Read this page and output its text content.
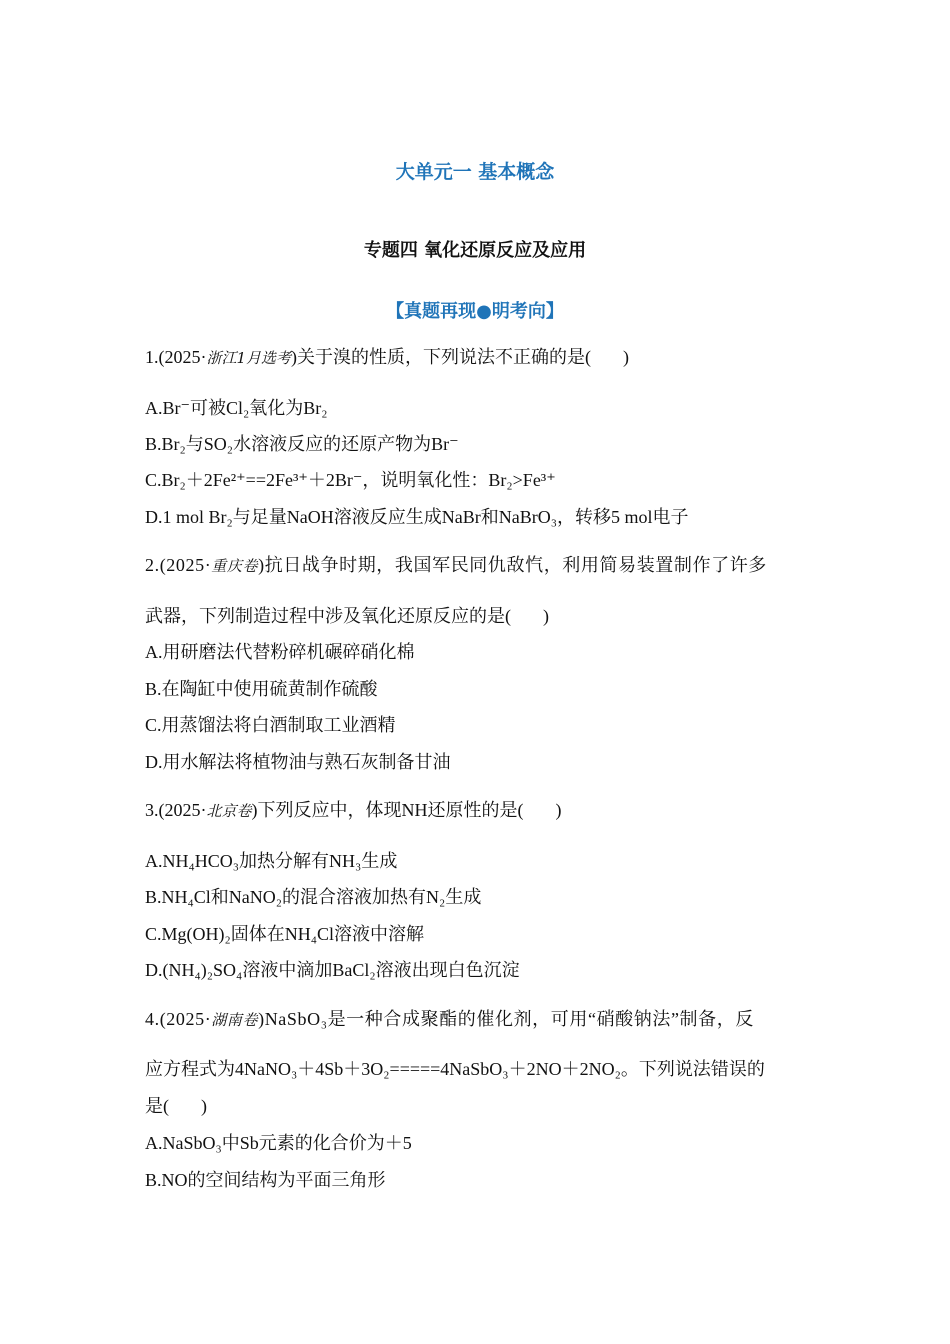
大单元一 基本概念
专题四 氧化还原反应及应用
【真题再现●明考向】
1.(2025·浙江1月选考)关于溴的性质，下列说法不正确的是( )
A.Br⁻可被Cl₂氧化为Br₂
B.Br₂与SO₂水溶液反应的还原产物为Br⁻
C.Br₂＋2Fe²⁺==2Fe³⁺＋2Br⁻，说明氧化性：Br₂>Fe³⁺
D.1 mol Br₂与足量NaOH溶液反应生成NaBr和NaBrO₃，转移5 mol电子
2.(2025·重庆卷)抗日战争时期，我国军民同仇敌忾，利用简易装置制作了许多
武器，下列制造过程中涉及氧化还原反应的是( )
A.用研磨法代替粉碎机碾碎硝化棉
B.在陶缸中使用硫黄制作硫酸
C.用蒸馏法将白酒制取工业酒精
D.用水解法将植物油与熟石灰制备甘油
3.(2025·北京卷)下列反应中，体现NH还原性的是( )
A.NH₄HCO₃加热分解有NH₃生成
B.NH₄Cl和NaNO₂的混合溶液加热有N₂生成
C.Mg(OH)₂固体在NH₄Cl溶液中溶解
D.(NH₄)₂SO₄溶液中滴加BaCl₂溶液出现白色沉淀
4.(2025·湖南卷)NaSbO₃是一种合成聚酯的催化剂，可用“硝酸钠法”制备，反
应方程式为4NaNO₃＋4Sb＋3O₂=====4NaSbO₃＋2NO＋2NO₂。下列说法错误的
是( )
A.NaSbO₃中Sb元素的化合价为＋5
B.NO的空间结构为平面三角形
